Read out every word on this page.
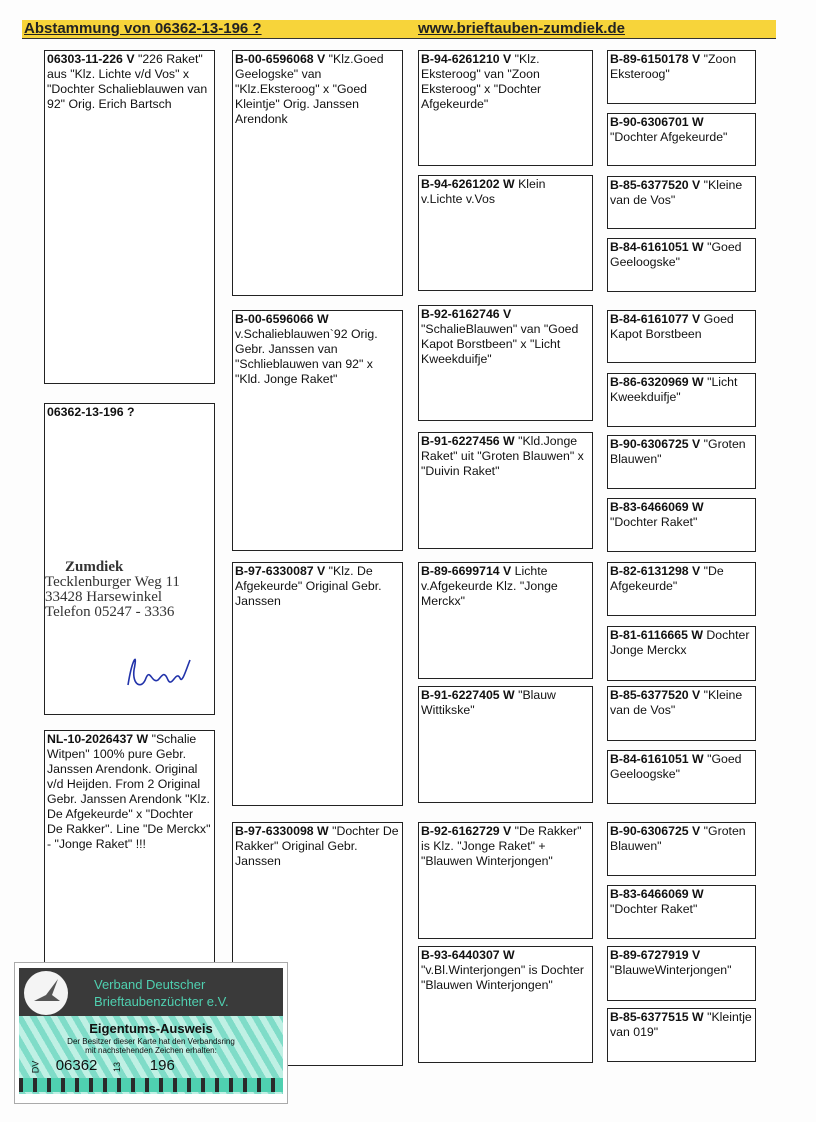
Abstammung von 06362-13-196 ?	www.brieftauben-zumdiek.de
06303-11-226 V "226 Raket" aus "Klz. Lichte v/d Vos" x "Dochter Schalieblauwen van 92" Orig. Erich Bartsch
06362-13-196 ?
NL-10-2026437 W "Schalie Witpen" 100% pure Gebr. Janssen Arendonk. Original v/d Heijden. From 2 Original Gebr. Janssen Arendonk "Klz. De Afgekeurde" x "Dochter De Rakker". Line "De Merckx" - "Jonge Raket" !!!
B-00-6596068 V "Klz.Goed Geelogske" van "Klz.Eksteroog" x "Goed Kleintje" Orig. Janssen Arendonk
B-00-6596066 W v.Schalieblauwen`92 Orig. Gebr. Janssen van "Schlieblauwen van 92" x "Kld. Jonge Raket"
B-97-6330087 V "Klz. De Afgekeurde" Original Gebr. Janssen
B-97-6330098 W "Dochter De Rakker" Original Gebr. Janssen
B-94-6261210 V "Klz. Eksteroog" van "Zoon Eksteroog" x "Dochter Afgekeurde"
B-94-6261202 W Klein v.Lichte v.Vos
B-92-6162746 V "SchalieBlauwen" van "Goed Kapot Borstbeen" x "Licht Kweekduifje"
B-91-6227456 W "Kld.Jonge Raket" uit "Groten Blauwen" x "Duivin Raket"
B-89-6699714 V Lichte v.Afgekeurde Klz. "Jonge Merckx"
B-91-6227405 W "Blauw Wittikske"
B-92-6162729 V "De Rakker" is Klz. "Jonge Raket" + "Blauwen Winterjongen"
B-93-6440307 W "v.Bl.Winterjongen" is Dochter "Blauwen Winterjongen"
B-89-6150178 V "Zoon Eksteroog"
B-90-6306701 W "Dochter Afgekeurde"
B-85-6377520 V "Kleine van de Vos"
B-84-6161051 W "Goed Geeloogske"
B-84-6161077 V Goed Kapot Borstbeen
B-86-6320969 W "Licht Kweekduifje"
B-90-6306725 V "Groten Blauwen"
B-83-6466069 W "Dochter Raket"
B-82-6131298 V "De Afgekeurde"
B-81-6116665 W Dochter Jonge Merckx
B-85-6377520 V "Kleine van de Vos"
B-84-6161051 W "Goed Geeloogske"
B-90-6306725 V "Groten Blauwen"
B-83-6466069 W "Dochter Raket"
B-89-6727919 V "BlauweWinterjongen"
B-85-6377515 W "Kleintje van 019"
Zumdiek
Tecklenburger Weg 11
33428 Harsewinkel
Telefon 05247 - 3336
Verband Deutscher
Brieftaubenzüchter e.V.
Eigentums-Ausweis
Der Besitzer dieser Karte hat den Verbandsring
mit nachstehenden Zeichen erhalten:
DV 06362 13 196
